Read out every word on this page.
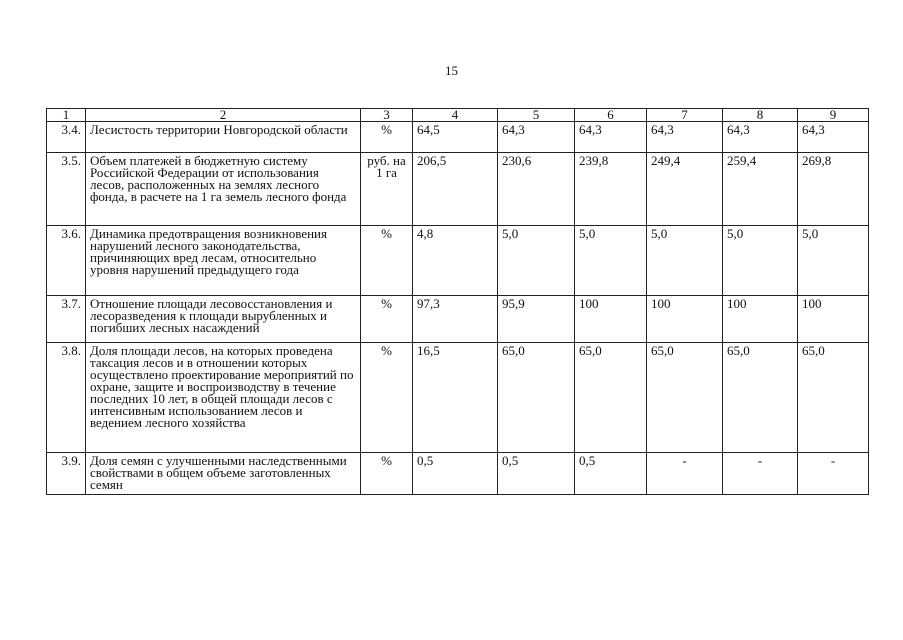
15
1	2	3	4	5	6	7	8	9
3.4.	Лесистость территории Новгородской области	%	64,5	64,3	64,3	64,3	64,3	64,3
3.5.	Объем платежей в бюджетную систему Российской Федерации от использования лесов, расположенных на землях лесного фонда, в расчете на 1 га земель лесного фонда	руб. на 1 га	206,5	230,6	239,8	249,4	259,4	269,8
3.6.	Динамика предотвращения возникновения нарушений лесного законодательства, причиняющих вред лесам, относительно уровня нарушений предыдущего года	%	4,8	5,0	5,0	5,0	5,0	5,0
3.7.	Отношение площади лесовосстановления и лесоразведения к площади вырубленных и погибших лесных насаждений	%	97,3	95,9	100	100	100	100
3.8.	Доля площади лесов, на которых проведена таксация лесов и в отношении которых осуществлено проектирование мероприятий по охране, защите и воспроизводству в течение последних 10 лет, в общей площади лесов с интенсивным использованием лесов и ведением лесного хозяйства	%	16,5	65,0	65,0	65,0	65,0	65,0
3.9.	Доля семян с улучшенными наследственными свойствами в общем объеме заготовленных семян	%	0,5	0,5	0,5	-	-	-
